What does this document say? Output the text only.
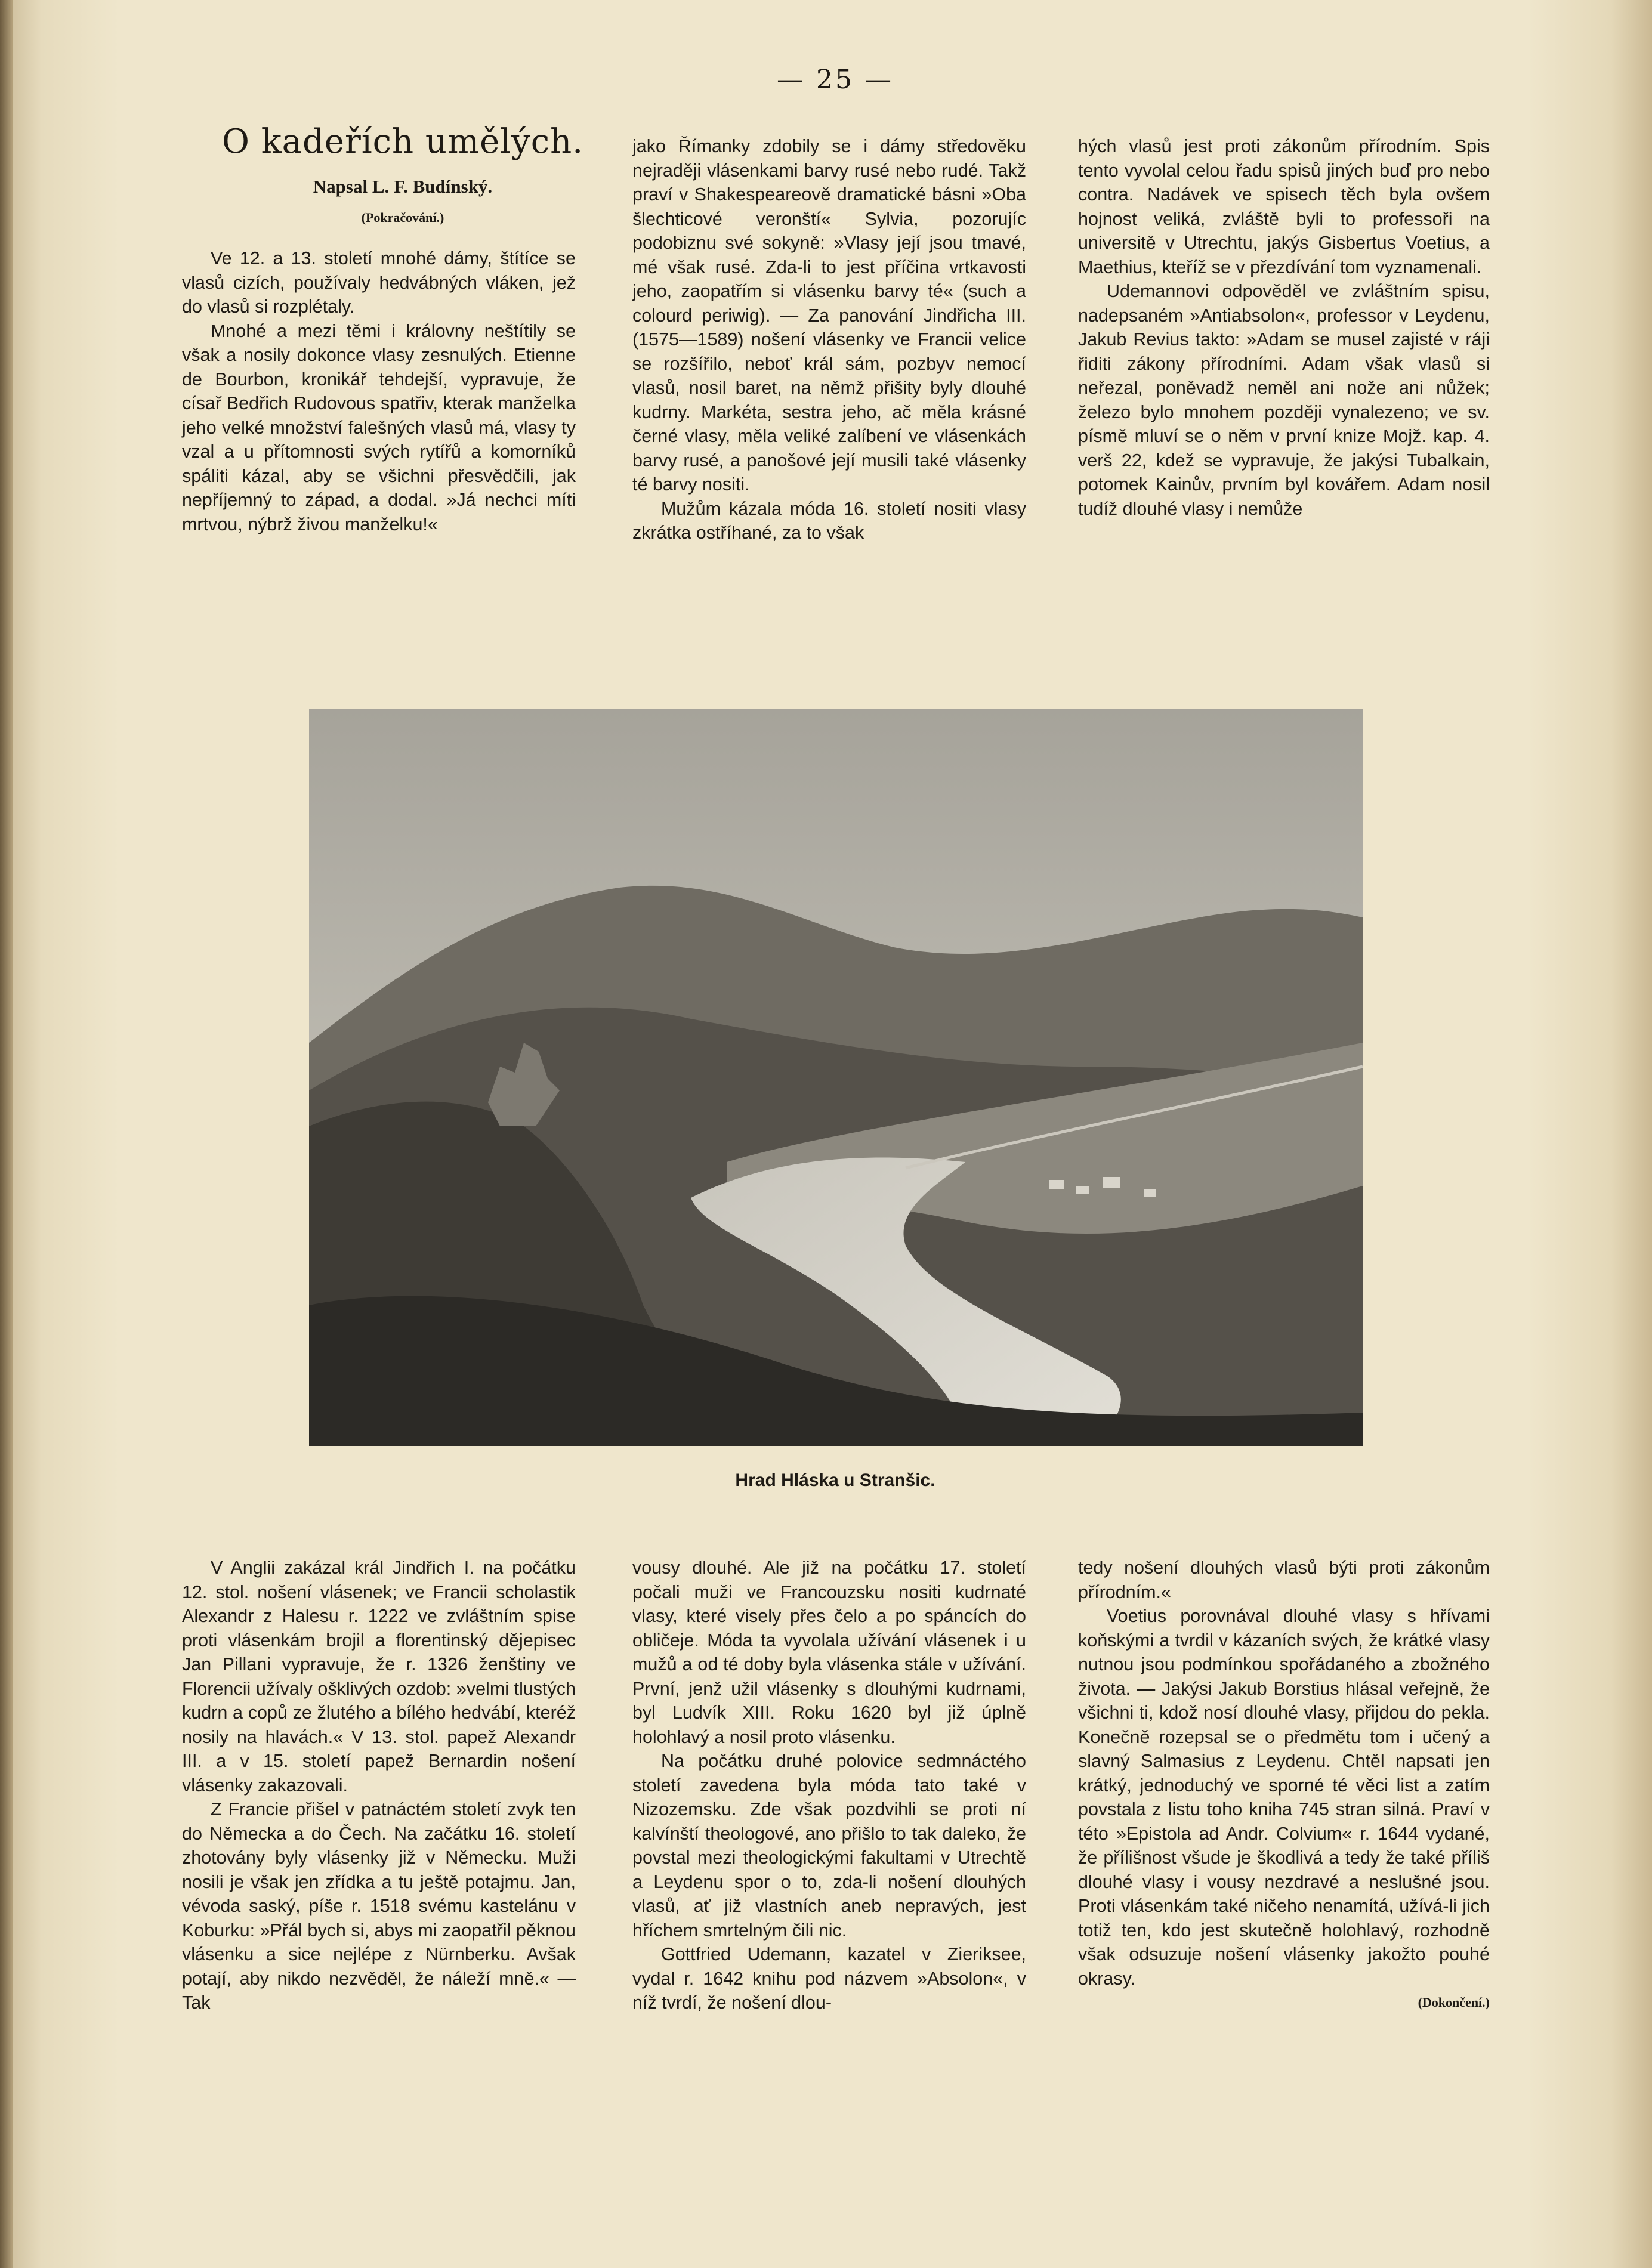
— 25 —
O kadeřích umělých.
Napsal L. F. Budínský.
(Pokračování.)

Ve 12. a 13. století mnohé dámy, štítíce se vlasů cizích, používaly hedvábných vláken, jež do vlasů si rozplétaly.

Mnohé a mezi těmi i královny neštítily se však a nosily dokonce vlasy zesnulých. Etienne de Bourbon, kronikář tehdejší, vypravuje, že císař Bedřich Rudovous spatřiv, kterak manželka jeho velké množství falešných vlasů má, vlasy ty vzal a u přítomnosti svých rytířů a komorníků spáliti kázal, aby se všichni přesvědčili, jak nepříjemný to západ, a dodal. »Já nechci míti mrtvou, nýbrž živou manželku!«

jako Římanky zdobily se i dámy středověku nejraději vlásenkami barvy rusé nebo rudé. Takž praví v Shakespeareově dramatické básni »Oba šlechticové veronští« Sylvia, pozorujíc podobiznu své sokyně: »Vlasy její jsou tmavé, mé však rusé. Zda-li to jest příčina vrtkavosti jeho, zaopatřím si vlásenku barvy té« (such a colourd periwig). — Za panování Jindřicha III. (1575—1589) nošení vlásenky ve Francii velice se rozšířilo, neboť král sám, pozbyv nemocí vlasů, nosil baret, na němž přišity byly dlouhé kudrny. Markéta, sestra jeho, ač měla krásné černé vlasy, měla veliké zalíbení ve vlásenkách barvy rusé, a panošové její musili také vlásenky té barvy nositi.

Mužům kázala móda 16. století nositi vlasy zkrátka ostříhané, za to však

hých vlasů jest proti zákonům přírodním. Spis tento vyvolal celou řadu spisů jiných buď pro nebo contra. Nadávek ve spisech těch byla ovšem hojnost veliká, zvláště byli to professoři na universitě v Utrechtu, jakýs Gisbertus Voetius, a Maethius, kteříž se v přezdívání tom vyznamenali.

Udemannovi odpověděl ve zvláštním spisu, nadepsaném »Antiabsolon«, professor v Leydenu, Jakub Revius takto: »Adam se musel zajisté v ráji řiditi zákony přírodními. Adam však vlasů si neřezal, poněvadž neměl ani nože ani nůžek; železo bylo mnohem později vynalezeno; ve sv. písmě mluví se o něm v první knize Mojž. kap. 4. verš 22, kdež se vypravuje, že jakýsi Tubalkain, potomek Kainův, prvním byl kovářem. Adam nosil tudíž dlouhé vlasy i nemůže

Hrad Hláska u Stranšic.

V Anglii zakázal král Jindřich I. na počátku 12. stol. nošení vlásenek; ve Francii scholastik Alexandr z Halesu r. 1222 ve zvláštním spise proti vlásenkám brojil a florentinský dějepisec Jan Pillani vypravuje, že r. 1326 ženštiny ve Florencii užívaly ošklivých ozdob: »velmi tlustých kudrn a copů ze žlutého a bílého hedvábí, kteréž nosily na hlavách.« V 13. stol. papež Alexandr III. a v 15. století papež Bernardin nošení vlásenky zakazovali.

Z Francie přišel v patnáctém století zvyk ten do Německa a do Čech. Na začátku 16. století zhotovány byly vlásenky již v Německu. Muži nosili je však jen zřídka a tu ještě potajmu. Jan, vévoda saský, píše r. 1518 svému kastelánu v Koburku: »Přál bych si, abys mi zaopatřil pěknou vlásenku a sice nejlépe z Nürnberku. Avšak potají, aby nikdo nezvěděl, že náleží mně.« — Tak

vousy dlouhé. Ale již na počátku 17. století počali muži ve Francouzsku nositi kudrnaté vlasy, které visely přes čelo a po spáncích do obličeje. Móda ta vyvolala užívání vlásenek i u mužů a od té doby byla vlásenka stále v užívání. První, jenž užil vlásenky s dlouhými kudrnami, byl Ludvík XIII. Roku 1620 byl již úplně holohlavý a nosil proto vlásenku.

Na počátku druhé polovice sedmnáctého století zavedena byla móda tato také v Nizozemsku. Zde však pozdvihli se proti ní kalvínští theologové, ano přišlo to tak daleko, že povstal mezi theologickými fakultami v Utrechtě a Leydenu spor o to, zda-li nošení dlouhých vlasů, ať již vlastních aneb nepravých, jest hříchem smrtelným čili nic.

Gottfried Udemann, kazatel v Zieriksee, vydal r. 1642 knihu pod názvem »Absolon«, v níž tvrdí, že nošení dlou-

tedy nošení dlouhých vlasů býti proti zákonům přírodním.«

Voetius porovnával dlouhé vlasy s hřívami koňskými a tvrdil v kázaních svých, že krátké vlasy nutnou jsou podmínkou spořádaného a zbožného života. — Jakýsi Jakub Borstius hlásal veřejně, že všichni ti, kdož nosí dlouhé vlasy, přijdou do pekla. Konečně rozepsal se o předmětu tom i učený a slavný Salmasius z Leydenu. Chtěl napsati jen krátký, jednoduchý ve sporné té věci list a zatím povstala z listu toho kniha 745 stran silná. Praví v této »Epistola ad Andr. Colvium« r. 1644 vydané, že přílišnost všude je škodlivá a tedy že také příliš dlouhé vlasy i vousy nezdravé a neslušné jsou. Proti vlásenkám také ničeho nenamítá, užívá-li jich totiž ten, kdo jest skutečně holohlavý, rozhodně však odsuzuje nošení vlásenky jakožto pouhé okrasy.

(Dokončení.)
